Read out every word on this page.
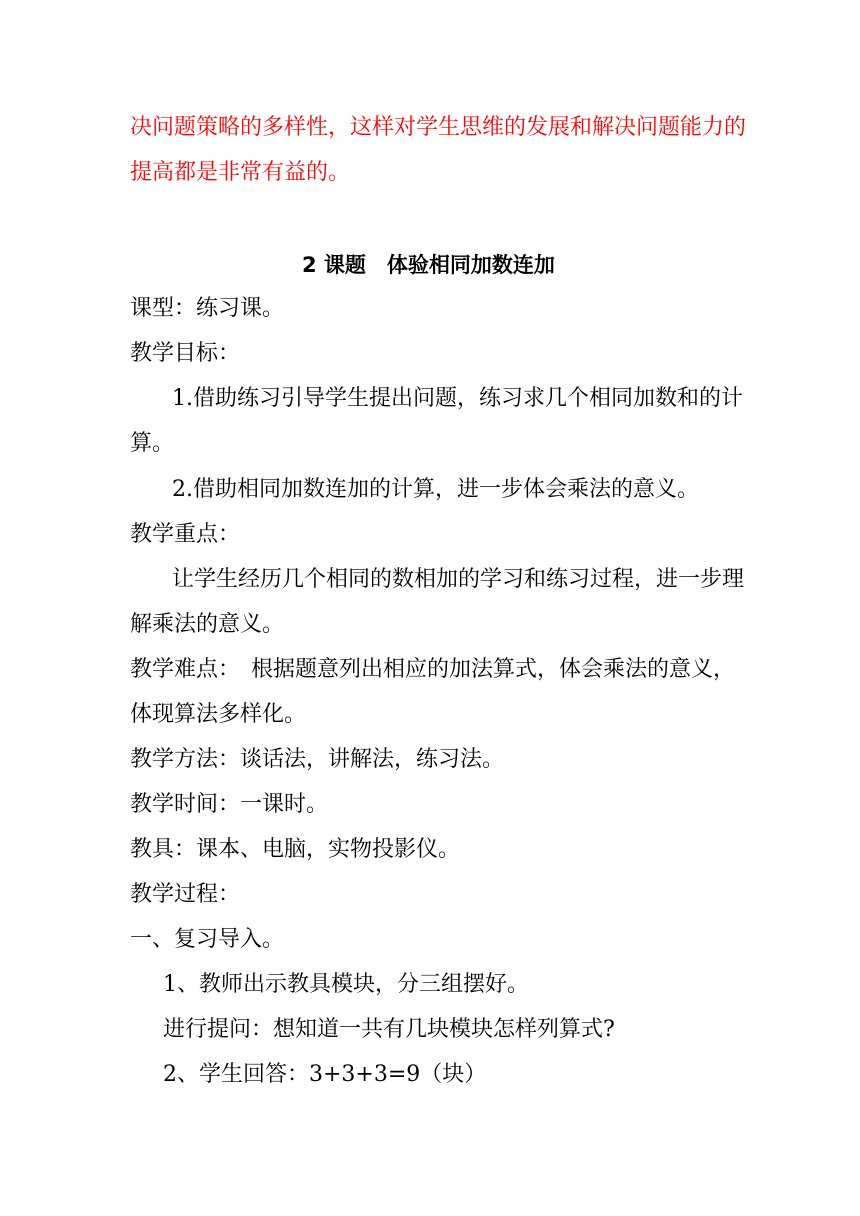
决问题策略的多样性，这样对学生思维的发展和解决问题能力的
提高都是非常有益的。
2 课题　体验相同加数连加
课型：练习课。
教学目标：
1.借助练习引导学生提出问题，练习求几个相同加数和的计
算。
2.借助相同加数连加的计算，进一步体会乘法的意义。
教学重点：
让学生经历几个相同的数相加的学习和练习过程，进一步理
解乘法的意义。
教学难点：　根据题意列出相应的加法算式，体会乘法的意义，
体现算法多样化。
教学方法：谈话法，讲解法，练习法。
教学时间：一课时。
教具：课本、电脑，实物投影仪。
教学过程：
一、复习导入。
1、教师出示教具模块，分三组摆好。
进行提问：想知道一共有几块模块怎样列算式?
2、学生回答：3+3+3=9（块）
